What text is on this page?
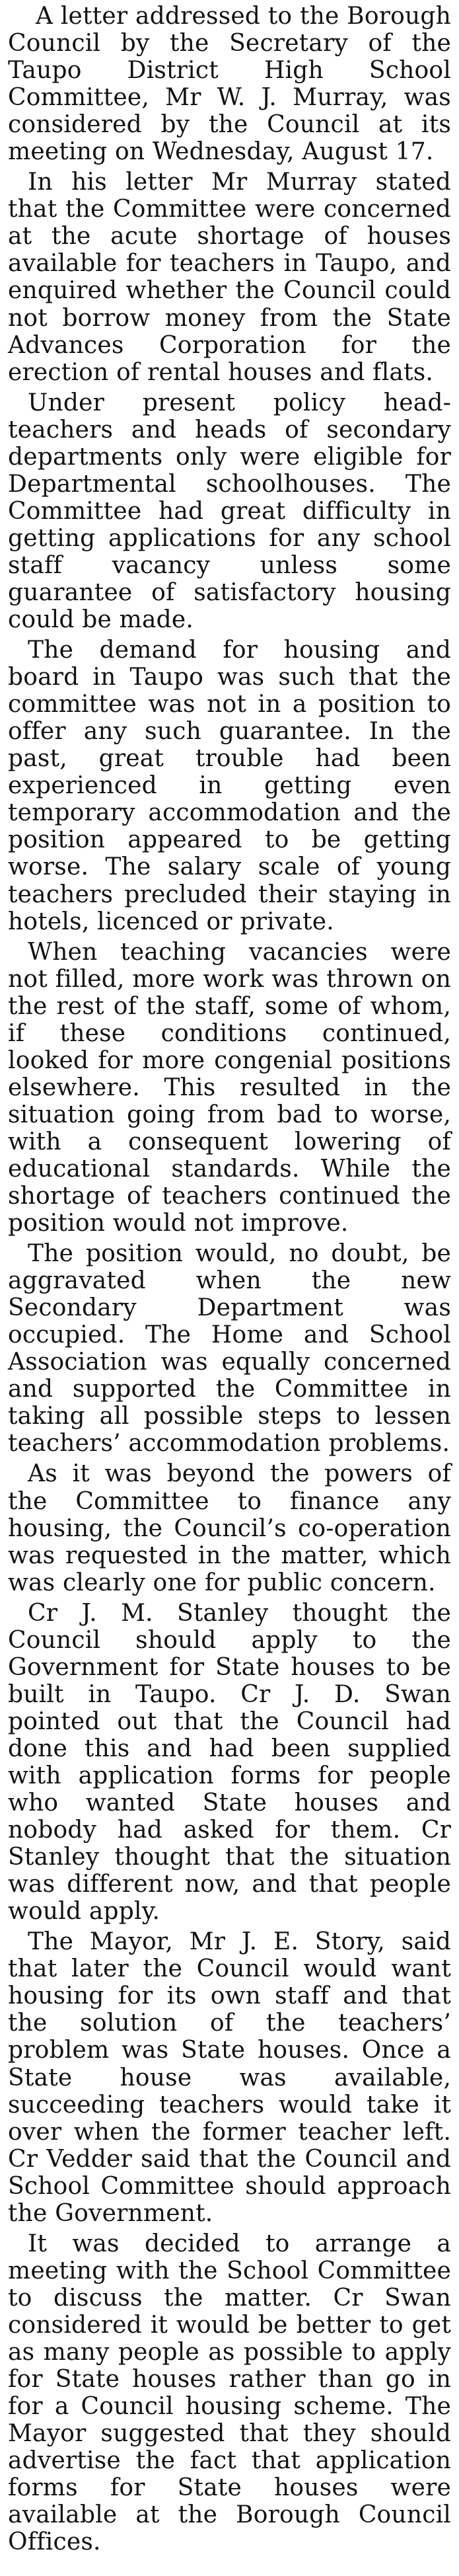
A letter addressed to the Borough Council by the Secretary of the Taupo District High School Committee, Mr W. J. Murray, was considered by the Council at its meeting on Wednesday, August 17.

In his letter Mr Murray stated that the Committee were concerned at the acute shortage of houses available for teachers in Taupo, and enquired whether the Council could not borrow money from the State Advances Corporation for the erection of rental houses and flats.

Under present policy head-teachers and heads of secondary departments only were eligible for Departmental schoolhouses. The Committee had great difficulty in getting applications for any school staff vacancy unless some guarantee of satisfactory housing could be made.

The demand for housing and board in Taupo was such that the committee was not in a position to offer any such guarantee. In the past, great trouble had been experienced in getting even temporary accommodation and the position appeared to be getting worse. The salary scale of young teachers precluded their staying in hotels, licenced or private.

When teaching vacancies were not filled, more work was thrown on the rest of the staff, some of whom, if these conditions continued, looked for more congenial positions elsewhere. This resulted in the situation going from bad to worse, with a consequent lowering of educational standards. While the shortage of teachers continued the position would not improve.

The position would, no doubt, be aggravated when the new Secondary Department was occupied. The Home and School Association was equally concerned and supported the Committee in taking all possible steps to lessen teachers’ accommodation problems.

As it was beyond the powers of the Committee to finance any housing, the Council’s co-operation was requested in the matter, which was clearly one for public concern.

Cr J. M. Stanley thought the Council should apply to the Government for State houses to be built in Taupo. Cr J. D. Swan pointed out that the Council had done this and had been supplied with application forms for people who wanted State houses and nobody had asked for them. Cr Stanley thought that the situation was different now, and that people would apply.

The Mayor, Mr J. E. Story, said that later the Council would want housing for its own staff and that the solution of the teachers’ problem was State houses. Once a State house was available, succeeding teachers would take it over when the former teacher left. Cr Vedder said that the Council and School Committee should approach the Government.

It was decided to arrange a meeting with the School Committee to discuss the matter. Cr Swan considered it would be better to get as many people as possible to apply for State houses rather than go in for a Council housing scheme. The Mayor suggested that they should advertise the fact that application forms for State houses were available at the Borough Council Offices.
